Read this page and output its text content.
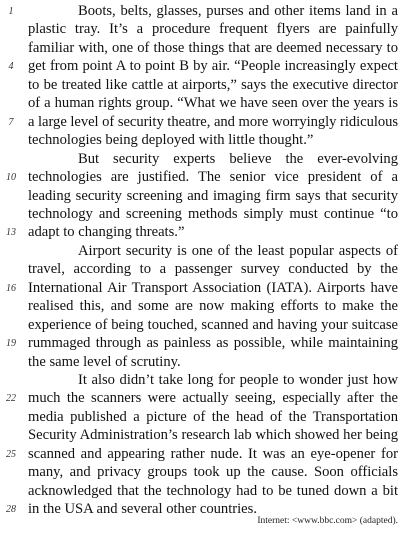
1	Boots, belts, glasses, purses and other items land in a
plastic tray. It’s a procedure frequent flyers are painfully
familiar with, one of those things that are deemed necessary to
4 get from point A to point B by air. “People increasingly expect
to be treated like cattle at airports,” says the executive director
of a human rights group. “What we have seen over the years is
7 a large level of security theatre, and more worryingly ridiculous
technologies being deployed with little thought.”
But security experts believe the ever-evolving
10 technologies are justified. The senior vice president of a
leading security screening and imaging firm says that security
technology and screening methods simply must continue “to
13 adapt to changing threats.”
Airport security is one of the least popular aspects of
travel, according to a passenger survey conducted by the
16 International Air Transport Association (IATA). Airports have
realised this, and some are now making efforts to make the
experience of being touched, scanned and having your suitcase
19 rummaged through as painless as possible, while maintaining
the same level of scrutiny.
It also didn’t take long for people to wonder just how
22 much the scanners were actually seeing, especially after the
media published a picture of the head of the Transportation
Security Administration’s research lab which showed her being
25 scanned and appearing rather nude. It was an eye-opener for
many, and privacy groups took up the cause. Soon officials
acknowledged that the technology had to be tuned down a bit
28 in the USA and several other countries.
Internet: <www.bbc.com> (adapted).
